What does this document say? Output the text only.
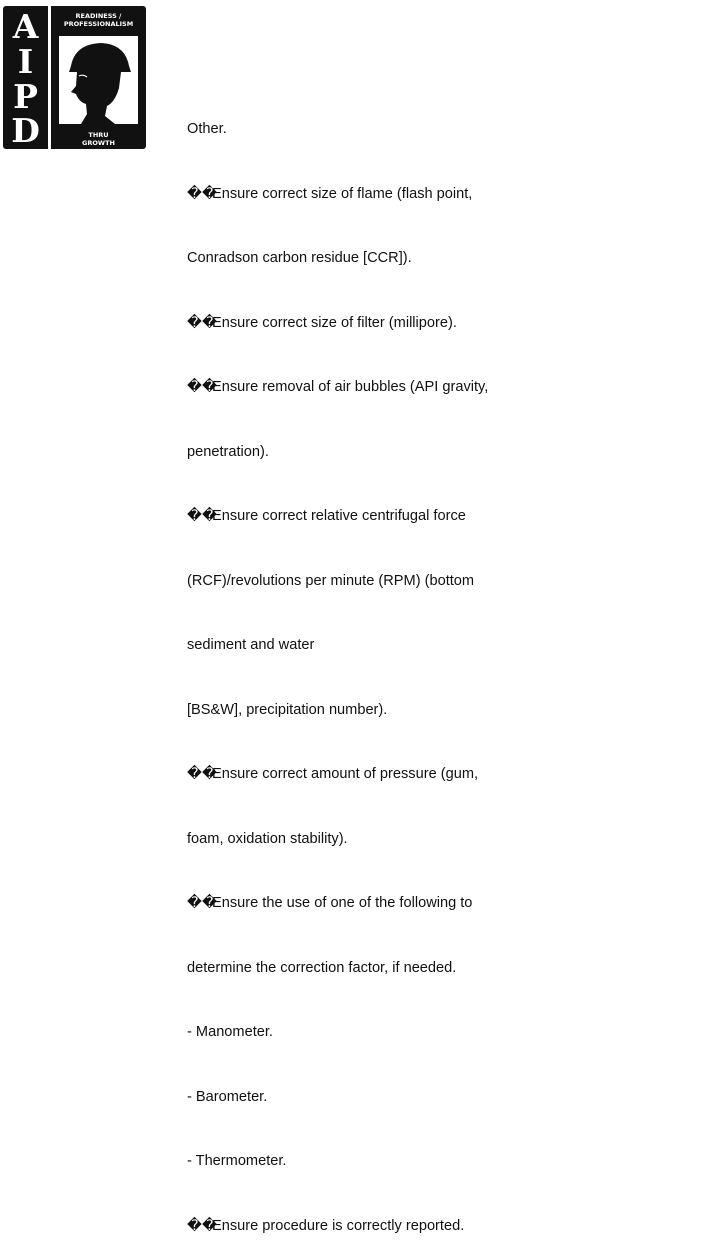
A
I
P
D
READINESS /
PROFESSIONALISM
THRU
GROWTH

Other.

��Ensure correct size of flame (flash point,

Conradson carbon residue [CCR]).

��Ensure correct size of filter (millipore).

��Ensure removal of air bubbles (API gravity,

penetration).

��Ensure correct relative centrifugal force

(RCF)/revolutions per minute (RPM) (bottom

sediment and water

[BS&W], precipitation number).

��Ensure correct amount of pressure (gum,

foam, oxidation stability).

��Ensure the use of one of the following to

determine the correction factor, if needed.

- Manometer.

- Barometer.

- Thermometer.

��Ensure procedure is correctly reported.
